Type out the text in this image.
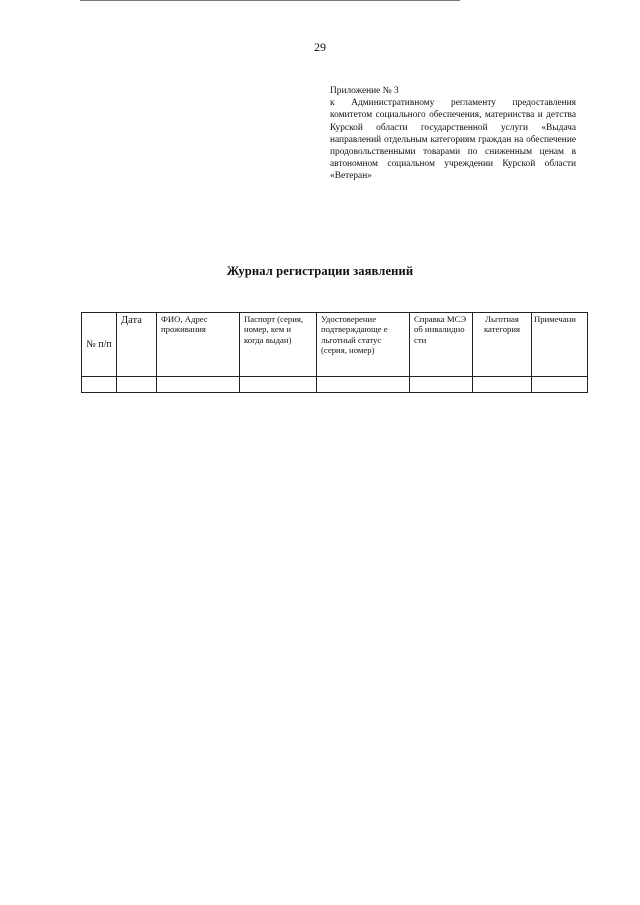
29
Приложение № 3
к Административному регламенту предоставления комитетом социального обеспечения, материнства и детства Курской области государственной услуги «Выдача направлений отдельным категориям граждан на обеспечение продовольственными товарами по сниженным ценам в автономном социальном учреждении Курской области «Ветеран»
Журнал регистрации заявлений
№ п/п	Дата	ФИО, Адрес проживания	Паспорт (серия, номер, кем и когда выдан)	Удостоверение подтверждающе е льготный статус (серия, номер)	Справка МСЭ об инвалидно сти	Льготная категория	Примечани
